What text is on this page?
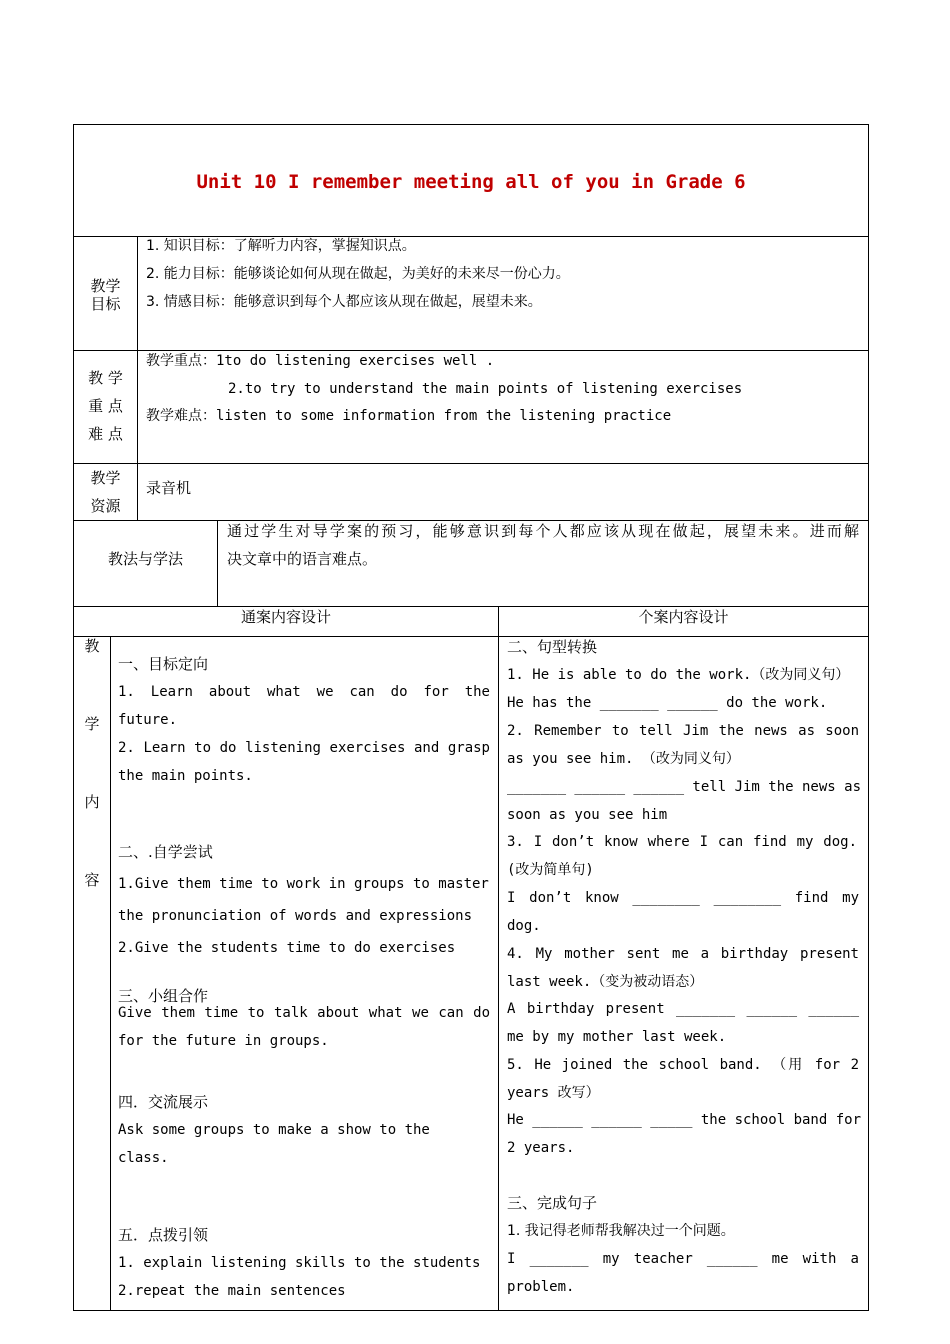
Unit 10 I remember meeting all of you in Grade 6
教学
目标
1. 知识目标：了解听力内容，掌握知识点。
2. 能力目标：能够谈论如何从现在做起，为美好的未来尽一份心力。
3. 情感目标：能够意识到每个人都应该从现在做起，展望未来。
教 学
重 点
难 点
教学重点：1to do listening exercises well .
2.to try to understand the main points of listening exercises
教学难点：listen to some information from the listening practice
教学
资源
录音机
教法与学法
通过学生对导学案的预习，能够意识到每个人都应该从现在做起，展望未来。进而解
决文章中的语言难点。
通案内容设计	个案内容设计
教
学
内
容
一、目标定向
1. Learn about what we can do for the
future.
2. Learn to do listening exercises and grasp
the main points.
二、.自学尝试
1.Give them time to work in groups to master
the pronunciation of words and expressions
2.Give the students time to do exercises
三、小组合作
Give them time to talk about what we can do
for the future in groups.
四．交流展示
Ask some groups to make a show to the
class.
五．点拨引领
1. explain listening skills to the students
2.repeat the main sentences
二、句型转换
1. He is able to do the work.（改为同义句）
He has the _______ ______ do the work.
2. Remember to tell Jim the news as soon
as you see him. （改为同义句）
_______ ______ ______ tell Jim the news as
soon as you see him
3. I don’t know where I can find my dog.
(改为简单句)
I don’t know ________ ________ find my
dog.
4. My mother sent me a birthday present
last week.（变为被动语态）
A birthday present _______ ______ ______
me by my mother last week.
5. He joined the school band. （用 for 2
years 改写）
He ______ ______ _____ the school band for
2 years.
三、完成句子
1. 我记得老师帮我解决过一个问题。
I _______ my teacher ______ me with a
problem.
